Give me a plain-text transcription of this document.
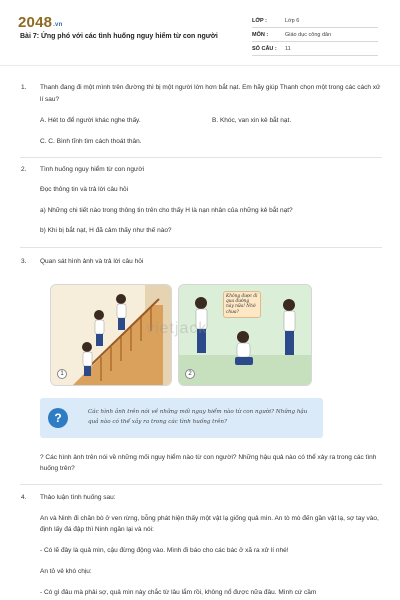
2048.vn
Bài 7: Ứng phó với các tình huống nguy hiểm từ con người
LỚP :	Lớp 6
MÔN :	Giáo dục công dân
SỐ CÂU :	11
1. Thanh đang đi một mình trên đường thì bị một người lớn hơn bắt nạt. Em hãy giúp Thanh chọn một trong các cách xử lí sau?
A. Hét to để người khác nghe thấy.	B. Khóc, van xin kẻ bắt nạt.
C. C. Bình tĩnh tìm cách thoát thân.
2. Tình huống nguy hiểm từ con người
Đọc thông tin và trả lời câu hỏi
a) Những chi tiết nào trong thông tin trên cho thấy H là nạn nhân của những kẻ bắt nạt?
b) Khi bị bắt nạt, H đã cảm thấy như thế nào?
3. Quan sát hình ảnh và trả lời câu hỏi
1
Không được đi qua đường này nữa! Nhớ chưa?
2
vietjack
?	Các hình ảnh trên nói về những mối nguy hiểm nào từ con người? Những hậu quả nào có thể xảy ra trong các tình huống trên?
? Các hình ảnh trên nói về những mối nguy hiểm nào từ con người? Những hậu quả nào có thể xảy ra trong các tình huống trên?
4. Thảo luận tình huống sau:
An và Ninh đi chăn bò ở ven rừng, bỗng phát hiện thấy một vật lạ giống quả mìn. An tò mò đến gần vật lạ, sợ tay vào, định lấy đá đập thì Ninh ngăn lại và nói:
- Có lẽ đây là quả mìn, cậu đừng động vào. Mình đi báo cho các bác ở xã ra xử lí nhé!
An tỏ vẻ khó chịu:
- Có gì đâu mà phải sợ, quả mìn này chắc từ lâu lắm rồi, không nổ được nữa đâu. Mình cứ cầm
